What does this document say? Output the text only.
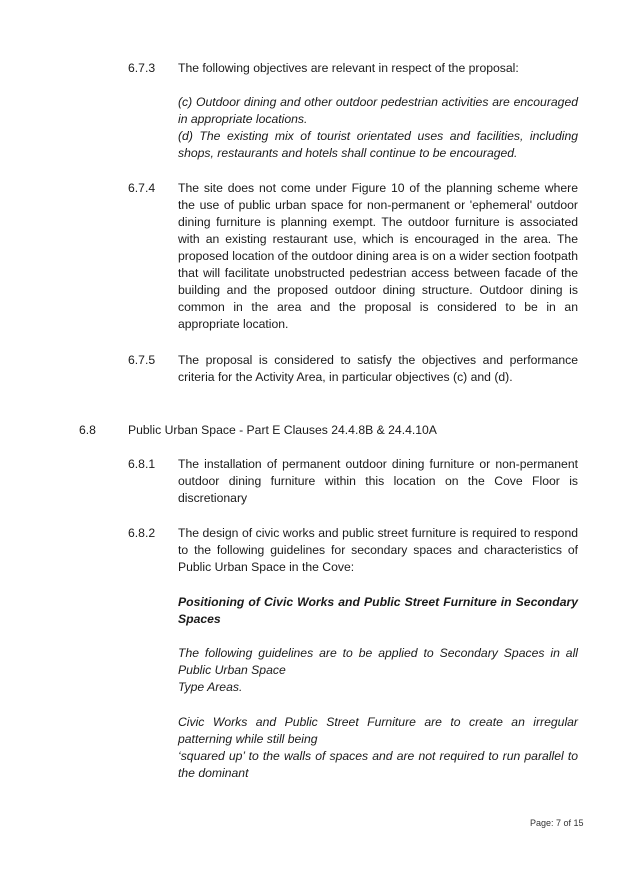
6.7.3 The following objectives are relevant in respect of the proposal:

(c) Outdoor dining and other outdoor pedestrian activities are encouraged in appropriate locations.

(d) The existing mix of tourist orientated uses and facilities, including shops, restaurants and hotels shall continue to be encouraged.

6.7.4 The site does not come under Figure 10 of the planning scheme where the use of public urban space for non-permanent or 'ephemeral' outdoor dining furniture is planning exempt. The outdoor furniture is associated with an existing restaurant use, which is encouraged in the area. The proposed location of the outdoor dining area is on a wider section footpath that will facilitate unobstructed pedestrian access between facade of the building and the proposed outdoor dining structure. Outdoor dining is common in the area and the proposal is considered to be in an appropriate location.

6.7.5 The proposal is considered to satisfy the objectives and performance criteria for the Activity Area, in particular objectives (c) and (d).

6.8	Public Urban Space - Part E Clauses 24.4.8B & 24.4.10A
6.8.1 The installation of permanent outdoor dining furniture or non-permanent outdoor dining furniture within this location on the Cove Floor is discretionary

6.8.2 The design of civic works and public street furniture is required to respond to the following guidelines for secondary spaces and characteristics of Public Urban Space in the Cove:

Positioning of Civic Works and Public Street Furniture in Secondary Spaces

The following guidelines are to be applied to Secondary Spaces in all Public Urban Space

Type Areas.

Civic Works and Public Street Furniture are to create an irregular patterning while still being

‘squared up’ to the walls of spaces and are not required to run parallel to the dominant

Page: 7 of 15
